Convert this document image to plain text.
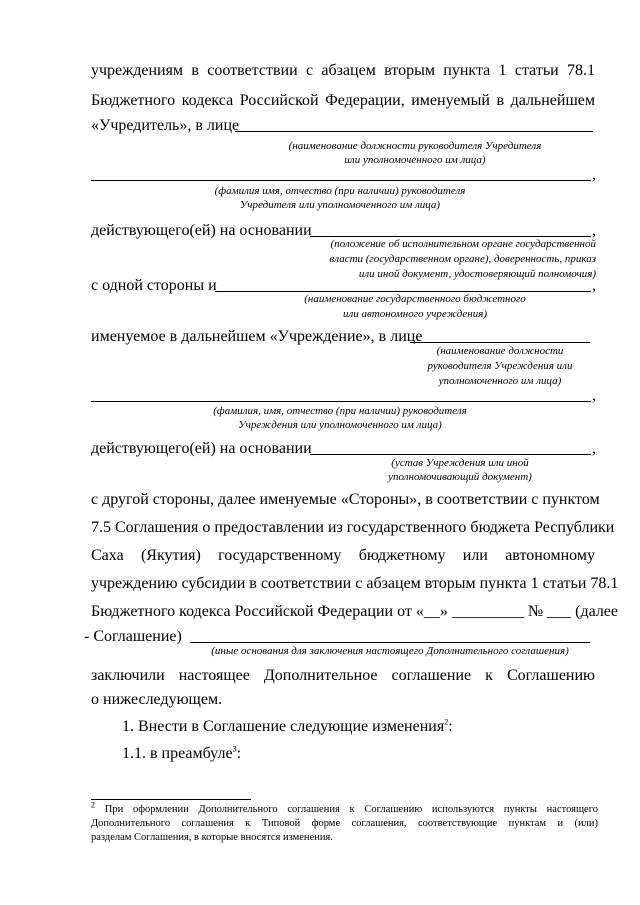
учреждениям в соответствии с абзацем вторым пункта 1 статьи 78.1
Бюджетного кодекса Российской Федерации, именуемый в дальнейшем
«Учредитель», в лице
(наименование должности руководителя Учредителя
или уполномоченного им лица)
,
(фамилия имя, отчество (при наличии) руководителя
Учредителя или уполномоченного им лица)
действующего(ей) на основании	,
(положение об исполнительном органе государственной
власти (государственном органе), доверенность, приказ
или иной документ, удостоверяющий полномочия)
с одной стороны и	,
(наименование государственного бюджетного
или автономного учреждения)
именуемое в дальнейшем «Учреждение», в лице
(наименование должности
руководителя Учреждения или
уполномоченного им лица)
,
(фамилия, имя, отчество (при наличии) руководителя
Учреждения или уполномоченного им лица)
действующего(ей) на основании	,
(устав Учреждения или иной
уполномочивающий документ)
с другой стороны, далее именуемые «Стороны», в соответствии с пунктом
7.5 Соглашения о предоставлении из государственного бюджета Республики
Саха (Якутия) государственному бюджетному или автономному
учреждению субсидии в соответствии с абзацем вторым пункта 1 статьи 78.1
Бюджетного кодекса Российской Федерации от «__» _________ № ___ (далее
- Соглашение)
(иные основания для заключения настоящего Дополнительного соглашения)
заключили настоящее Дополнительное соглашение к Соглашению
о нижеследующем.
1. Внести в Соглашение следующие изменения$^2$:
1.1. в преамбуле$^3$:
$^2$ При оформлении Дополнительного соглашения к Соглашению используются пункты настоящего
Дополнительного соглашения к Типовой форме соглашения, соответствующие пунктам и (или)
разделам Соглашения, в которые вносятся изменения.
